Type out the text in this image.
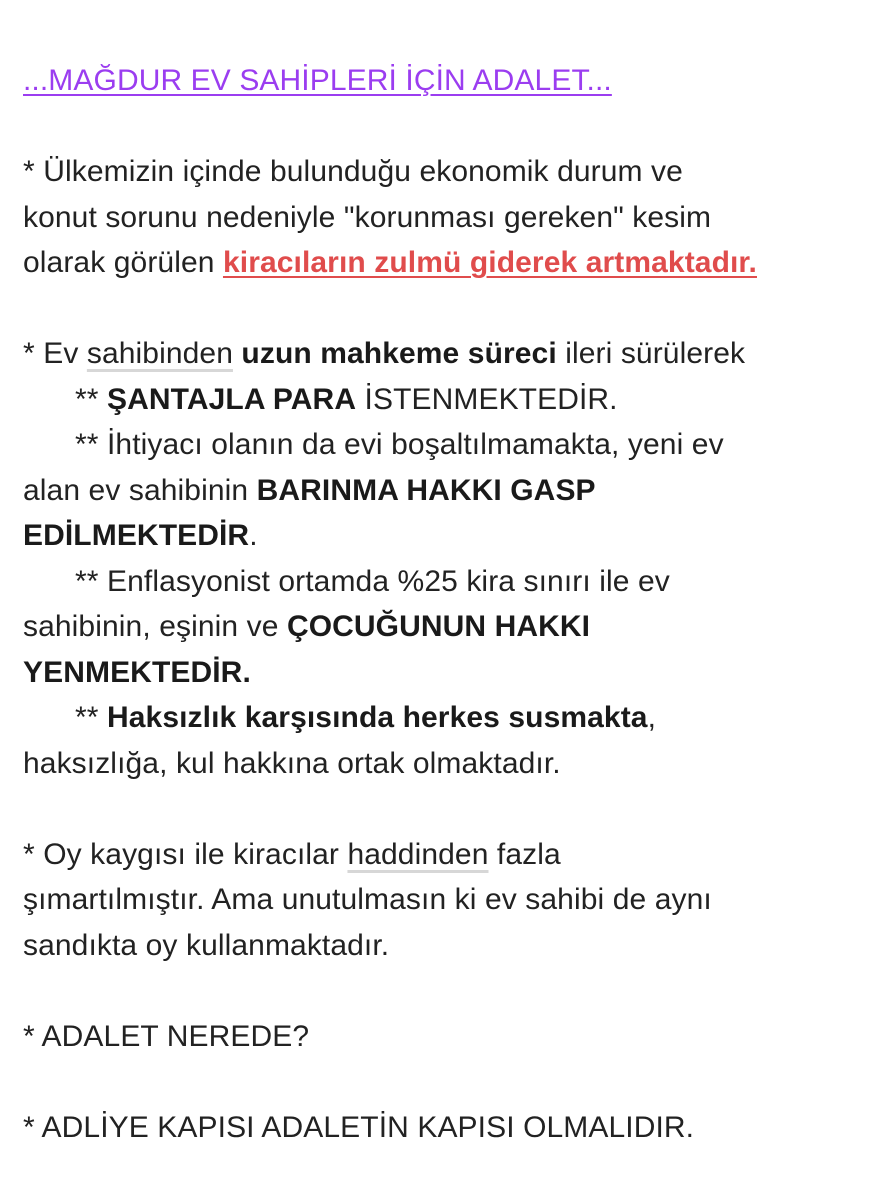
...MAĞDUR EV SAHİPLERİ İÇİN ADALET...
* Ülkemizin içinde bulunduğu ekonomik durum ve
konut sorunu nedeniyle "korunması gereken" kesim
olarak görülen kiracıların zulmü giderek artmaktadır.
* Ev sahibinden uzun mahkeme süreci ileri sürülerek
** ŞANTAJLA PARA İSTENMEKTEDİR.
** İhtiyacı olanın da evi boşaltılmamakta, yeni ev
alan ev sahibinin BARINMA HAKKI GASP
EDİLMEKTEDİR.
** Enflasyonist ortamda %25 kira sınırı ile ev
sahibinin, eşinin ve ÇOCUĞUNUN HAKKI
YENMEKTEDİR.
** Haksızlık karşısında herkes susmakta,
haksızlığa, kul hakkına ortak olmaktadır.
* Oy kaygısı ile kiracılar haddinden fazla
şımartılmıştır. Ama unutulmasın ki ev sahibi de aynı
sandıkta oy kullanmaktadır.
* ADALET NEREDE?
* ADLİYE KAPISI ADALETİN KAPISI OLMALIDIR.
